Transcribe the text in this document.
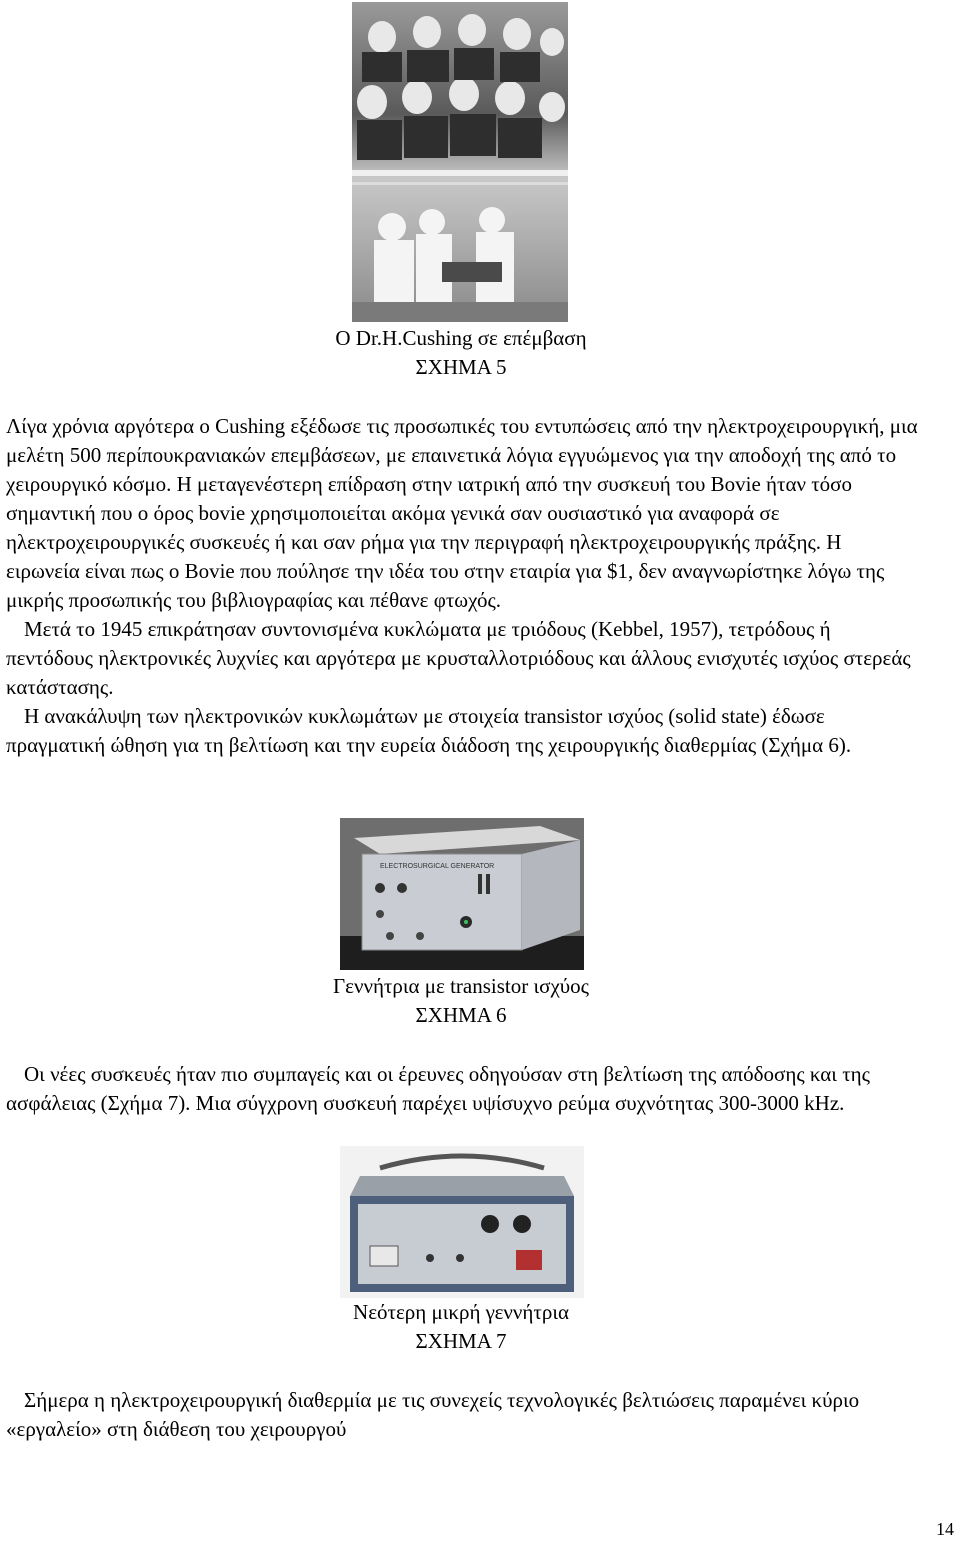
Ο Dr.H.Cushing σε επέμβαση
ΣΧΗΜΑ 5

Λίγα χρόνια αργότερα ο Cushing εξέδωσε τις προσωπικές του εντυπώσεις από την ηλεκτροχειρουργική, μια μελέτη 500 περίπουκρανιακών επεμβάσεων, με επαινετικά λόγια εγγυώμενος για την αποδοχή της από το χειρουργικό κόσμο. Η μεταγενέστερη επίδραση στην ιατρική από την συσκευή του Bovie ήταν τόσο σημαντική που ο όρος bovie χρησιμοποιείται ακόμα γενικά σαν ουσιαστικό για αναφορά σε ηλεκτροχειρουργικές συσκευές ή και σαν ρήμα για την περιγραφή ηλεκτροχειρουργικής πράξης. Η ειρωνεία είναι πως ο Bovie που πούλησε την ιδέα του στην εταιρία για $1, δεν αναγνωρίστηκε λόγω της μικρής προσωπικής του βιβλιογραφίας και πέθανε φτωχός.

Μετά το 1945 επικράτησαν συντονισμένα κυκλώματα με τριόδους (Kebbel, 1957), τετρόδους ή πεντόδους ηλεκτρονικές λυχνίες και αργότερα με κρυσταλλοτριόδους και άλλους ενισχυτές ισχύος στερεάς κατάστασης.

Η ανακάλυψη των ηλεκτρονικών κυκλωμάτων με στοιχεία transistor ισχύος (solid state) έδωσε πραγματική ώθηση για τη βελτίωση και την ευρεία διάδοση της χειρουργικής διαθερμίας (Σχήμα 6).

ELECTROSURGICAL GENERATOR
Γεννήτρια με transistor ισχύος
ΣΧΗΜΑ 6

Οι νέες συσκευές ήταν πιο συμπαγείς και οι έρευνες οδηγούσαν στη βελτίωση της απόδοσης και της ασφάλειας (Σχήμα 7). Μια σύγχρονη συσκευή παρέχει υψίσυχνο ρεύμα συχνότητας 300-3000 kHz.

Νεότερη μικρή γεννήτρια
ΣΧΗΜΑ 7

Σήμερα η ηλεκτροχειρουργική διαθερμία με τις συνεχείς τεχνολογικές βελτιώσεις παραμένει κύριο «εργαλείο» στη διάθεση του χειρουργού

14
